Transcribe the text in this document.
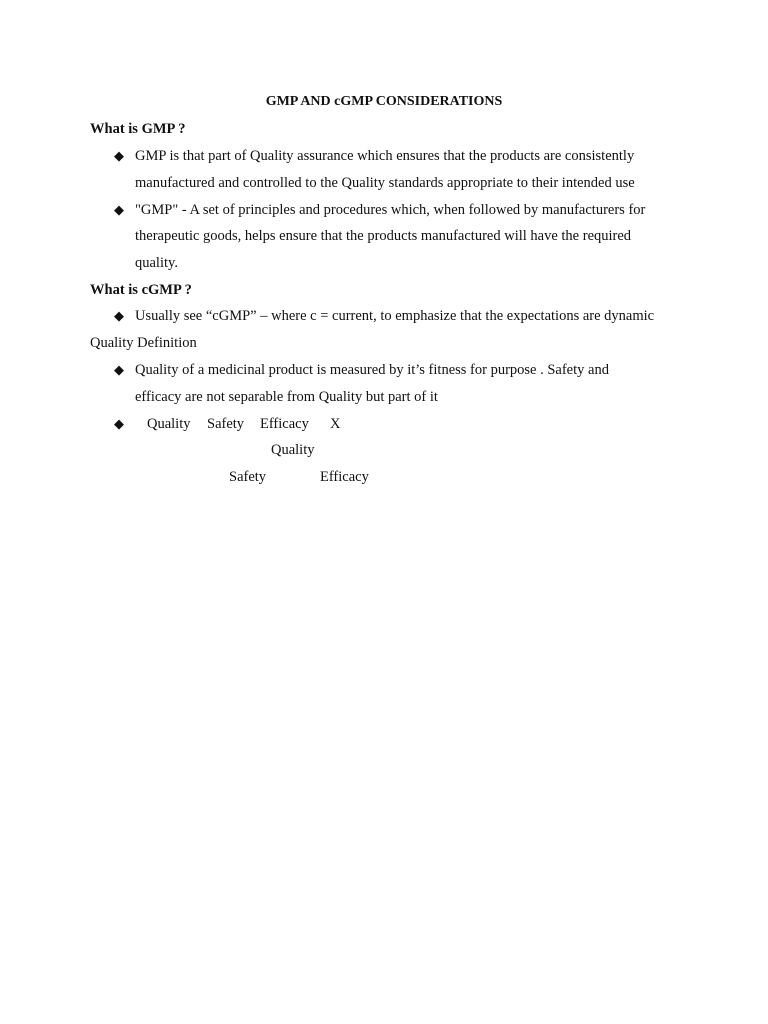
GMP AND cGMP CONSIDERATIONS
What is GMP ?
◆ GMP is that part of Quality assurance which ensures that the products are consistently
manufactured and controlled to the Quality standards appropriate to their intended use
◆ "GMP" - A set of principles and procedures which, when followed by manufacturers for
therapeutic goods, helps ensure that the products manufactured will have the required
quality.
What is cGMP ?
◆ Usually see “cGMP” – where c = current, to emphasize that the expectations are dynamic
Quality Definition
◆ Quality of a medicinal product is measured by it’s fitness for purpose . Safety and
efficacy are not separable from Quality but part of it
◆ Quality Safety Efficacy X
Quality
Safety	Efficacy
